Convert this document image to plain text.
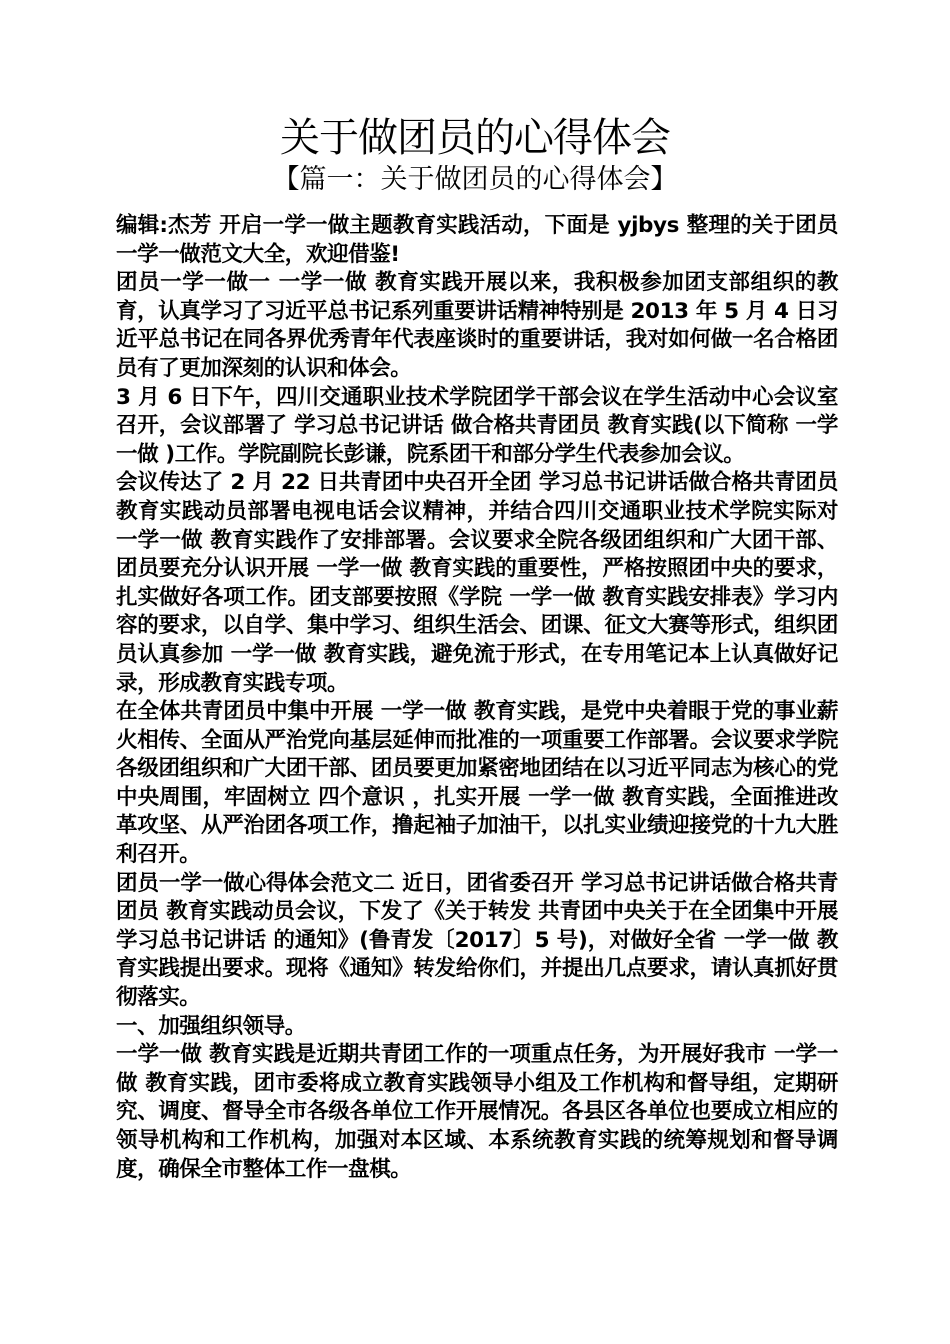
关于做团员的心得体会
【篇一：关于做团员的心得体会】

编辑:杰芳 开启一学一做主题教育实践活动，下面是 yjbys 整理的关于团员一学一做范文大全，欢迎借鉴!

团员一学一做一 一学一做 教育实践开展以来，我积极参加团支部组织的教育，认真学习了习近平总书记系列重要讲话精神特别是 2013 年 5 月 4 日习近平总书记在同各界优秀青年代表座谈时的重要讲话，我对如何做一名合格团员有了更加深刻的认识和体会。

3 月 6 日下午，四川交通职业技术学院团学干部会议在学生活动中心会议室召开，会议部署了 学习总书记讲话 做合格共青团员 教育实践(以下简称 一学一做 )工作。学院副院长彭谦，院系团干和部分学生代表参加会议。

会议传达了 2 月 22 日共青团中央召开全团 学习总书记讲话做合格共青团员 教育实践动员部署电视电话会议精神，并结合四川交通职业技术学院实际对 一学一做 教育实践作了安排部署。会议要求全院各级团组织和广大团干部、团员要充分认识开展 一学一做 教育实践的重要性，严格按照团中央的要求，扎实做好各项工作。团支部要按照《学院 一学一做 教育实践安排表》学习内容的要求，以自学、集中学习、组织生活会、团课、征文大赛等形式，组织团员认真参加 一学一做 教育实践，避免流于形式，在专用笔记本上认真做好记录，形成教育实践专项。

在全体共青团员中集中开展 一学一做 教育实践，是党中央着眼于党的事业薪火相传、全面从严治党向基层延伸而批准的一项重要工作部署。会议要求学院各级团组织和广大团干部、团员要更加紧密地团结在以习近平同志为核心的党中央周围，牢固树立 四个意识 ，扎实开展 一学一做 教育实践，全面推进改革攻坚、从严治团各项工作，撸起袖子加油干，以扎实业绩迎接党的十九大胜利召开。

团员一学一做心得体会范文二 近日，团省委召开 学习总书记讲话做合格共青团员 教育实践动员会议，下发了《关于转发 共青团中央关于在全团集中开展 学习总书记讲话 的通知》(鲁青发〔2017〕5 号)，对做好全省 一学一做 教育实践提出要求。现将《通知》转发给你们，并提出几点要求，请认真抓好贯彻落实。

一、加强组织领导。

一学一做 教育实践是近期共青团工作的一项重点任务，为开展好我市 一学一做 教育实践，团市委将成立教育实践领导小组及工作机构和督导组，定期研究、调度、督导全市各级各单位工作开展情况。各县区各单位也要成立相应的领导机构和工作机构，加强对本区域、本系统教育实践的统筹规划和督导调度，确保全市整体工作一盘棋。
